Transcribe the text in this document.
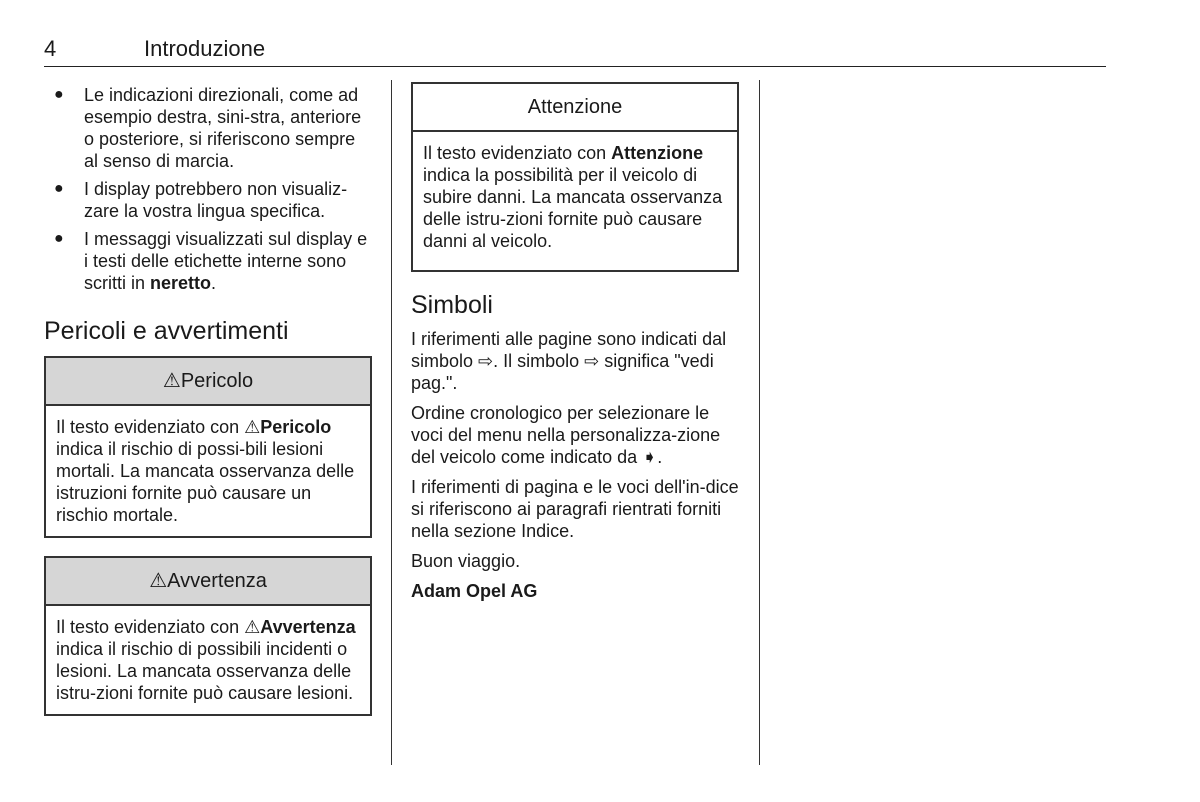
4	Introduzione
● Le indicazioni direzionali, come ad esempio destra, sini-stra, anteriore o posteriore, si riferiscono sempre al senso di marcia.
● I display potrebbero non visualiz-zare la vostra lingua specifica.
● I messaggi visualizzati sul display e i testi delle etichette interne sono scritti in neretto.
Pericoli e avvertimenti
⚠Pericolo

Il testo evidenziato con ⚠Pericolo indica il rischio di possi-bili lesioni mortali. La mancata osservanza delle istruzioni fornite può causare un rischio mortale.

⚠Avvertenza

Il testo evidenziato con ⚠Avvertenza indica il rischio di possibili incidenti o lesioni. La mancata osservanza delle istru-zioni fornite può causare lesioni.

Attenzione

Il testo evidenziato con Attenzione indica la possibilità per il veicolo di subire danni. La mancata osservanza delle istru-zioni fornite può causare danni al veicolo.

Simboli

I riferimenti alle pagine sono indicati dal simbolo ⇨. Il simbolo ⇨ significa "vedi pag.".

Ordine cronologico per selezionare le voci del menu nella personalizza-zione del veicolo come indicato da ➧.

I riferimenti di pagina e le voci dell'in-dice si riferiscono ai paragrafi rientrati forniti nella sezione Indice.

Buon viaggio.

Adam Opel AG
